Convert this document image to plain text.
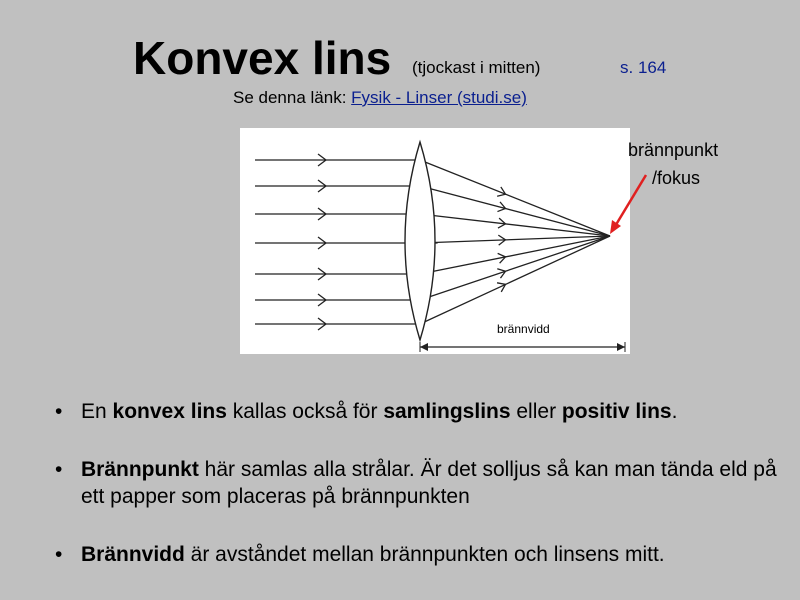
Konvex lins (tjockast i mitten)	s. 164
Se denna länk: Fysik - Linser (studi.se)
brännvidd
brännpunkt
/fokus
• En konvex lins kallas också för samlingslins eller positiv lins.
• Brännpunkt här samlas alla strålar. Är det solljus så kan man tända eld på ett papper som placeras på brännpunkten
• Brännvidd är avståndet mellan brännpunkten och linsens mitt.
